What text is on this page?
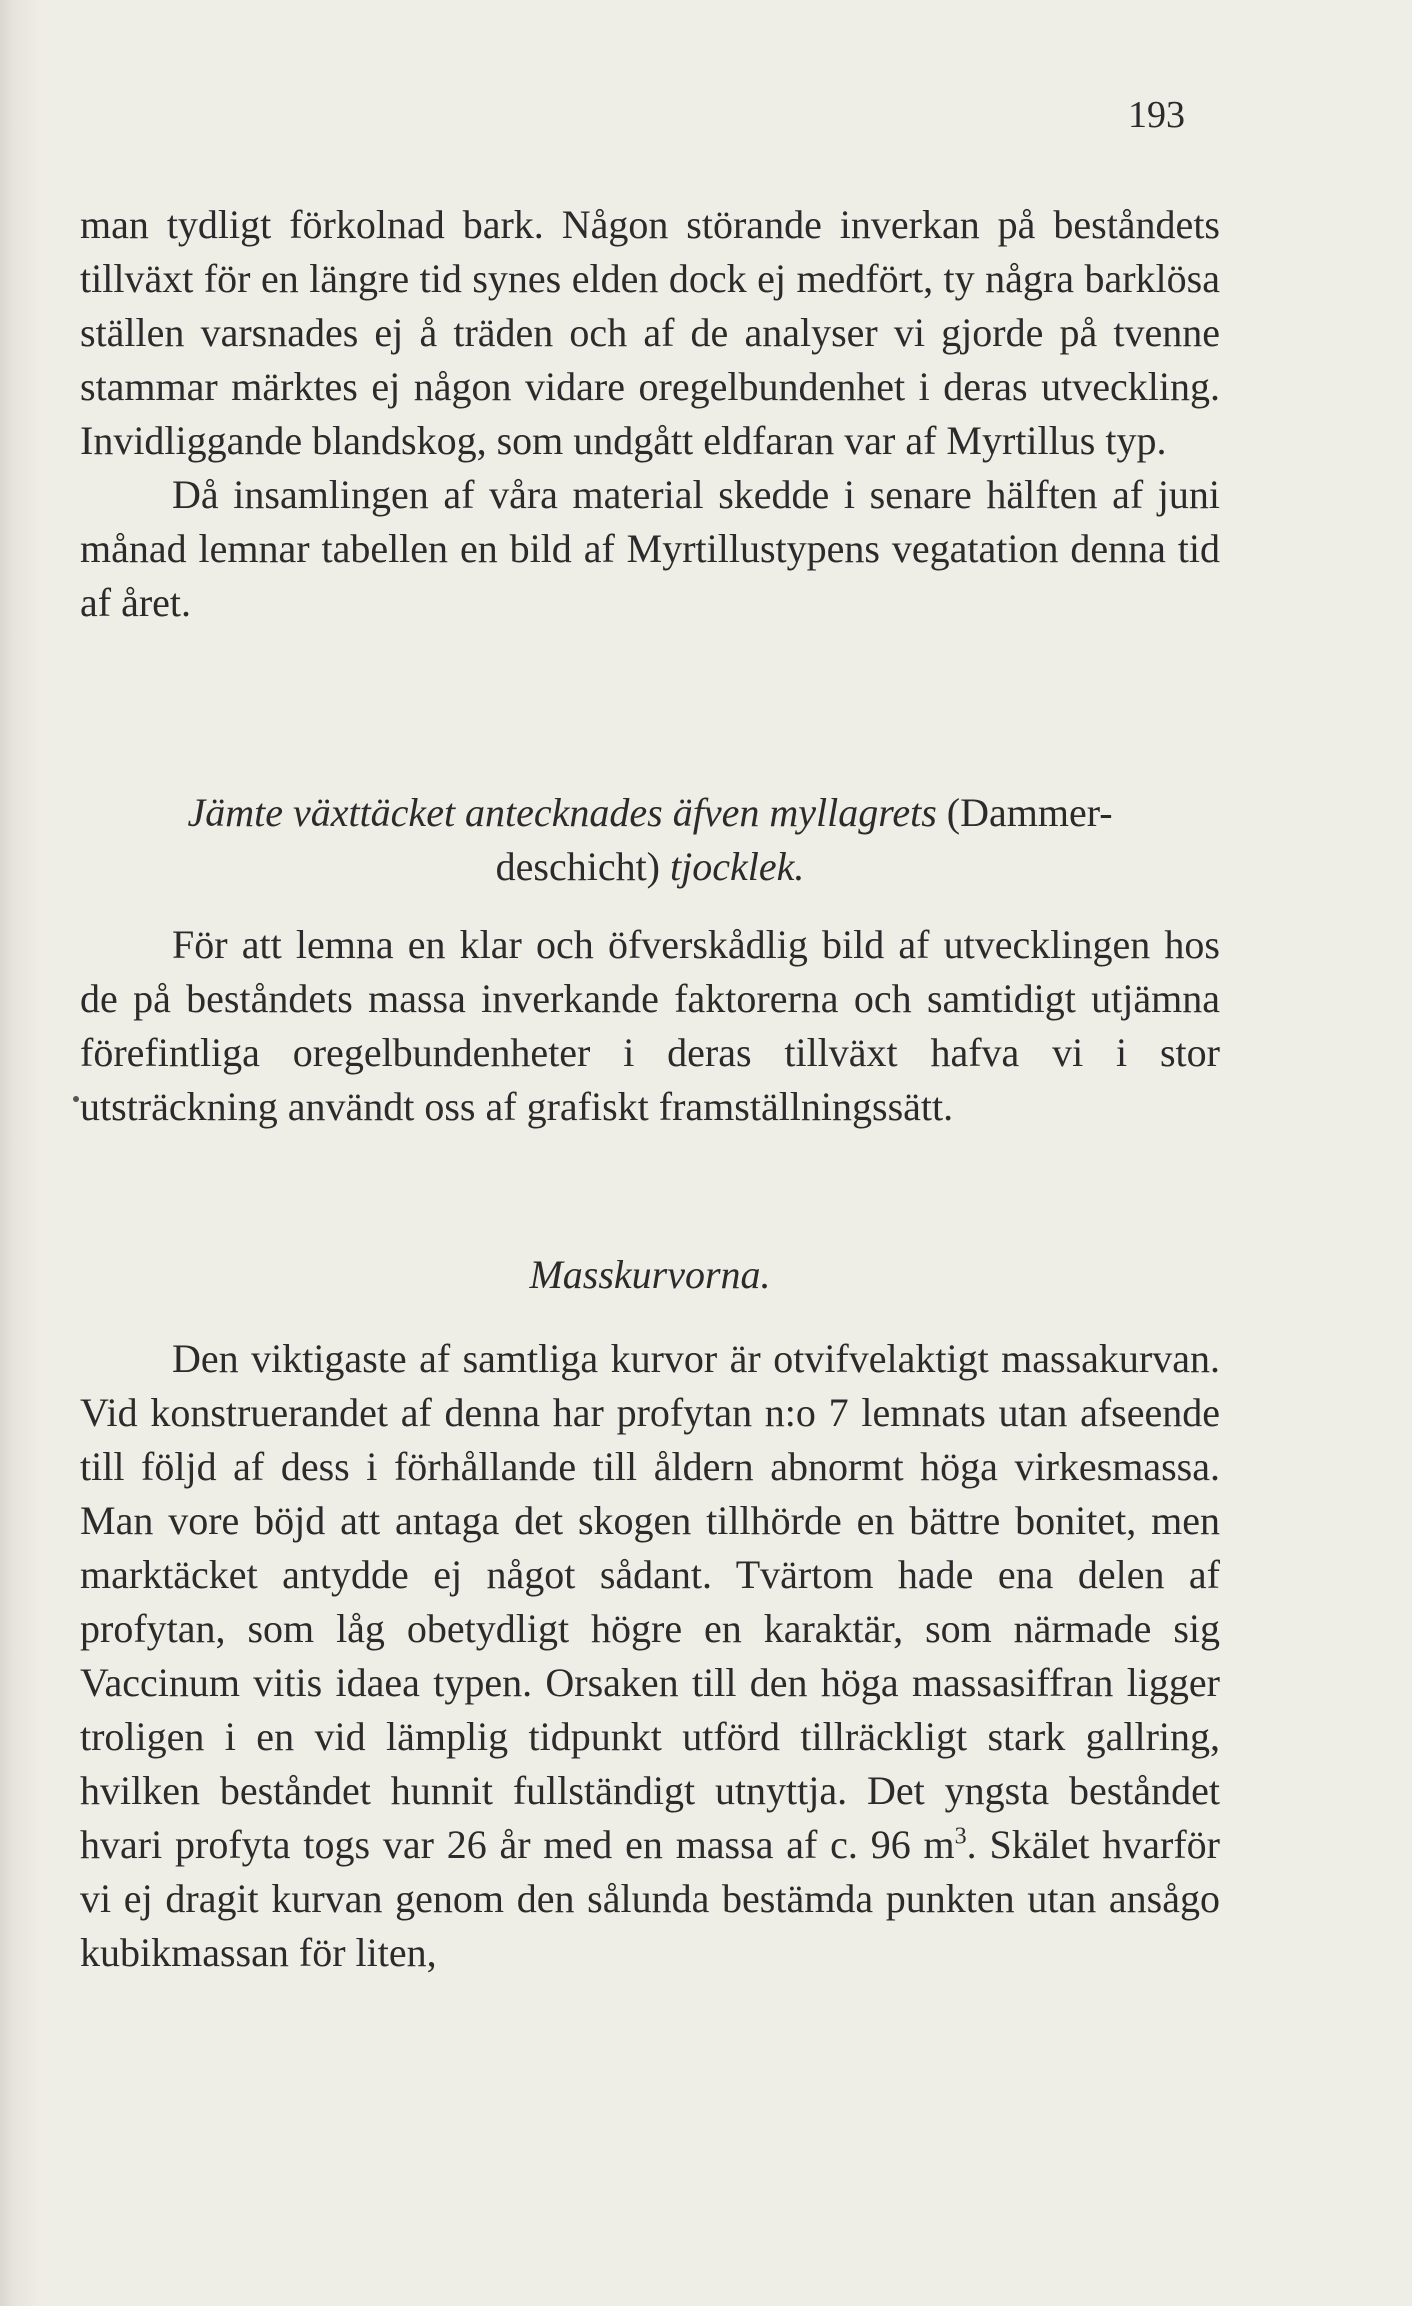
193

man tydligt förkolnad bark. Någon störande inverkan på beståndets tillväxt för en längre tid synes elden dock ej medfört, ty några barklösa ställen varsnades ej å träden och af de analyser vi gjorde på tvenne stammar märktes ej någon vidare oregelbundenhet i deras utveckling. Invidliggande blandskog, som undgått eldfaran var af Myrtillus typ.

Då insamlingen af våra material skedde i senare hälften af juni månad lemnar tabellen en bild af Myrtillustypens vegatation denna tid af året.

Jämte växttäcket antecknades äfven myllagrets (Dammer-
deschicht) tjocklek.

För att lemna en klar och öfverskådlig bild af utvecklingen hos de på beståndets massa inverkande faktorerna och samtidigt utjämna förefintliga oregelbundenheter i deras tillväxt hafva vi i stor utsträckning användt oss af grafiskt framställningssätt.

Masskurvorna.

Den viktigaste af samtliga kurvor är otvifvelaktigt massakurvan. Vid konstruerandet af denna har profytan n:o 7 lemnats utan afseende till följd af dess i förhållande till åldern abnormt höga virkesmassa. Man vore böjd att antaga det skogen tillhörde en bättre bonitet, men marktäcket antydde ej något sådant. Tvärtom hade ena delen af profytan, som låg obetydligt högre en karaktär, som närmade sig Vaccinum vitis idaea typen. Orsaken till den höga massasiffran ligger troligen i en vid lämplig tidpunkt utförd tillräckligt stark gallring, hvilken beståndet hunnit fullständigt utnyttja. Det yngsta beståndet hvari profyta togs var 26 år med en massa af c. 96 $m^3$. Skälet hvarför vi ej dragit kurvan genom den sålunda bestämda punkten utan ansågo kubikmassan för liten,
